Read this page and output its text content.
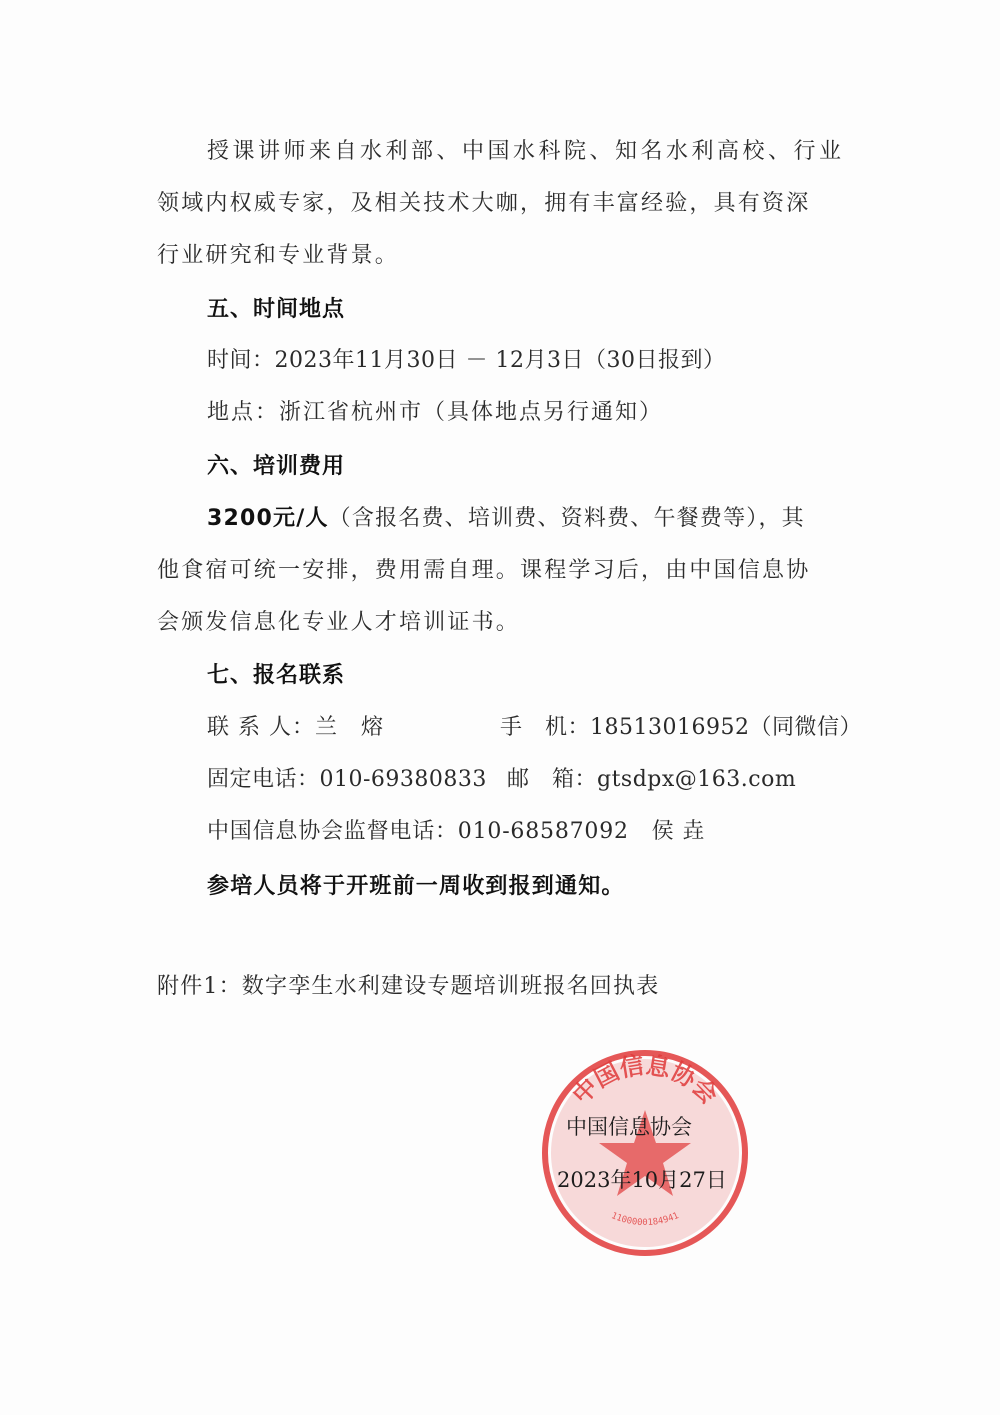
授课讲师来自水利部、中国水科院、知名水利高校、行业
领域内权威专家，及相关技术大咖，拥有丰富经验，具有资深
行业研究和专业背景。
五、时间地点
时间：2023年11月30日 － 12月3日（30日报到）
地点：浙江省杭州市（具体地点另行通知）
六、培训费用
3200元/人（含报名费、培训费、资料费、午餐费等），其
他食宿可统一安排，费用需自理。课程学习后，由中国信息协
会颁发信息化专业人才培训证书。
七、报名联系
联 系 人：兰　熔	手　机：18513016952（同微信）
固定电话：010-69380833 邮　箱：gtsdpx@163.com
中国信息协会监督电话：010-68587092　侯 垚
参培人员将于开班前一周收到报到通知。
附件1：数字孪生水利建设专题培训班报名回执表
中国信息协会
1100000184941
中国信息协会
2023年10月27日
